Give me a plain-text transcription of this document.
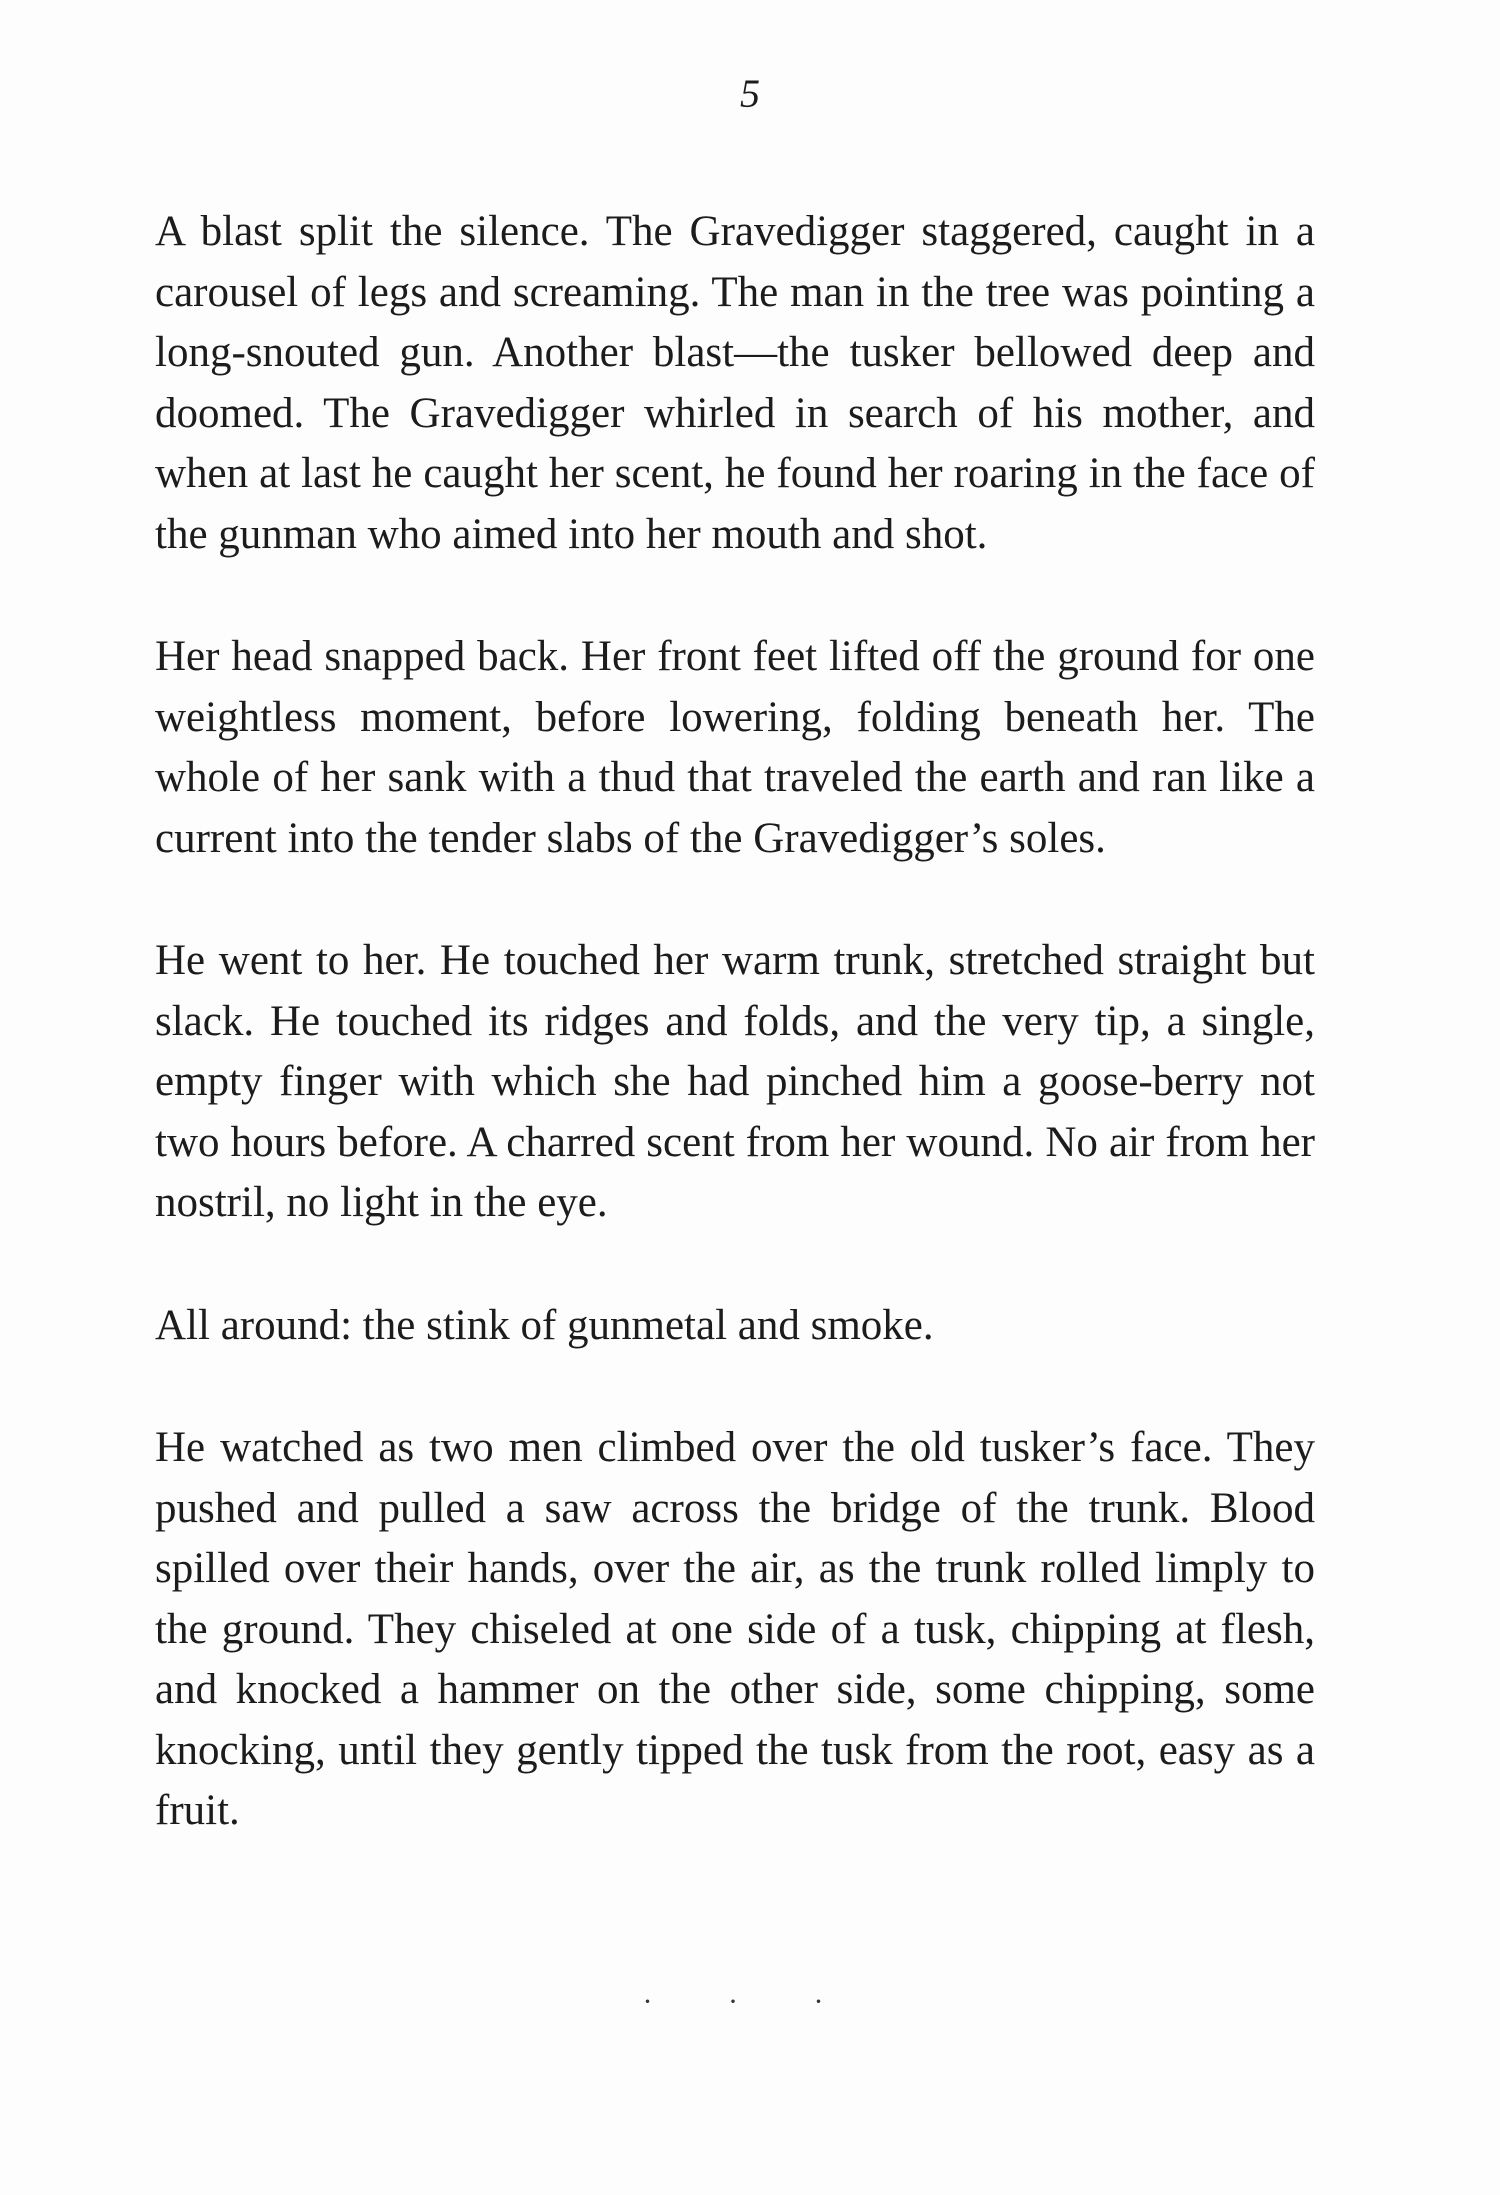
5

A blast split the silence. The Gravedigger staggered, caught in a carousel of legs and screaming. The man in the tree was pointing a long-snouted gun. Another blast—the tusker bellowed deep and doomed. The Gravedigger whirled in search of his mother, and when at last he caught her scent, he found her roaring in the face of the gunman who aimed into her mouth and shot.

Her head snapped back. Her front feet lifted off the ground for one weightless moment, before lowering, folding beneath her. The whole of her sank with a thud that traveled the earth and ran like a current into the tender slabs of the Gravedigger’s soles.

He went to her. He touched her warm trunk, stretched straight but slack. He touched its ridges and folds, and the very tip, a single, empty finger with which she had pinched him a goose-berry not two hours before. A charred scent from her wound. No air from her nostril, no light in the eye.

All around: the stink of gunmetal and smoke.

He watched as two men climbed over the old tusker’s face. They pushed and pulled a saw across the bridge of the trunk. Blood spilled over their hands, over the air, as the trunk rolled limply to the ground. They chiseled at one side of a tusk, chipping at flesh, and knocked a hammer on the other side, some chipping, some knocking, until they gently tipped the tusk from the root, easy as a fruit.

· · ·
